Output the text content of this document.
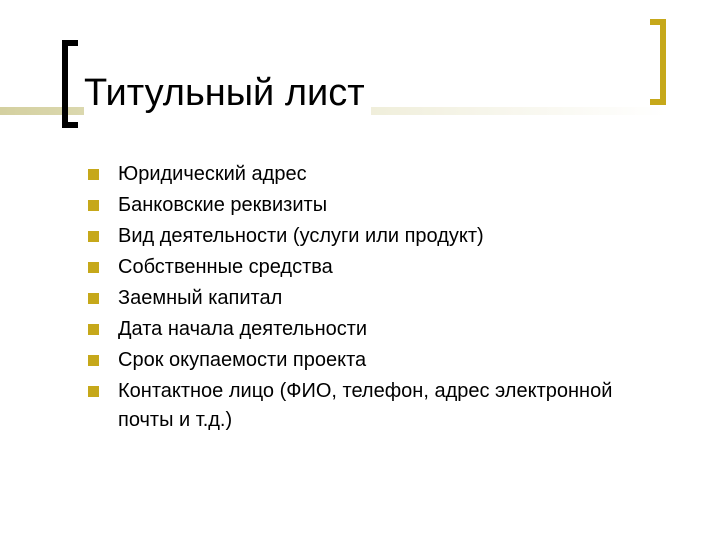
Титульный лист
Юридический адрес
Банковские реквизиты
Вид деятельности (услуги или продукт)
Собственные средства
Заемный капитал
Дата начала деятельности
Срок окупаемости проекта
Контактное лицо (ФИО, телефон, адрес электронной почты и т.д.)
